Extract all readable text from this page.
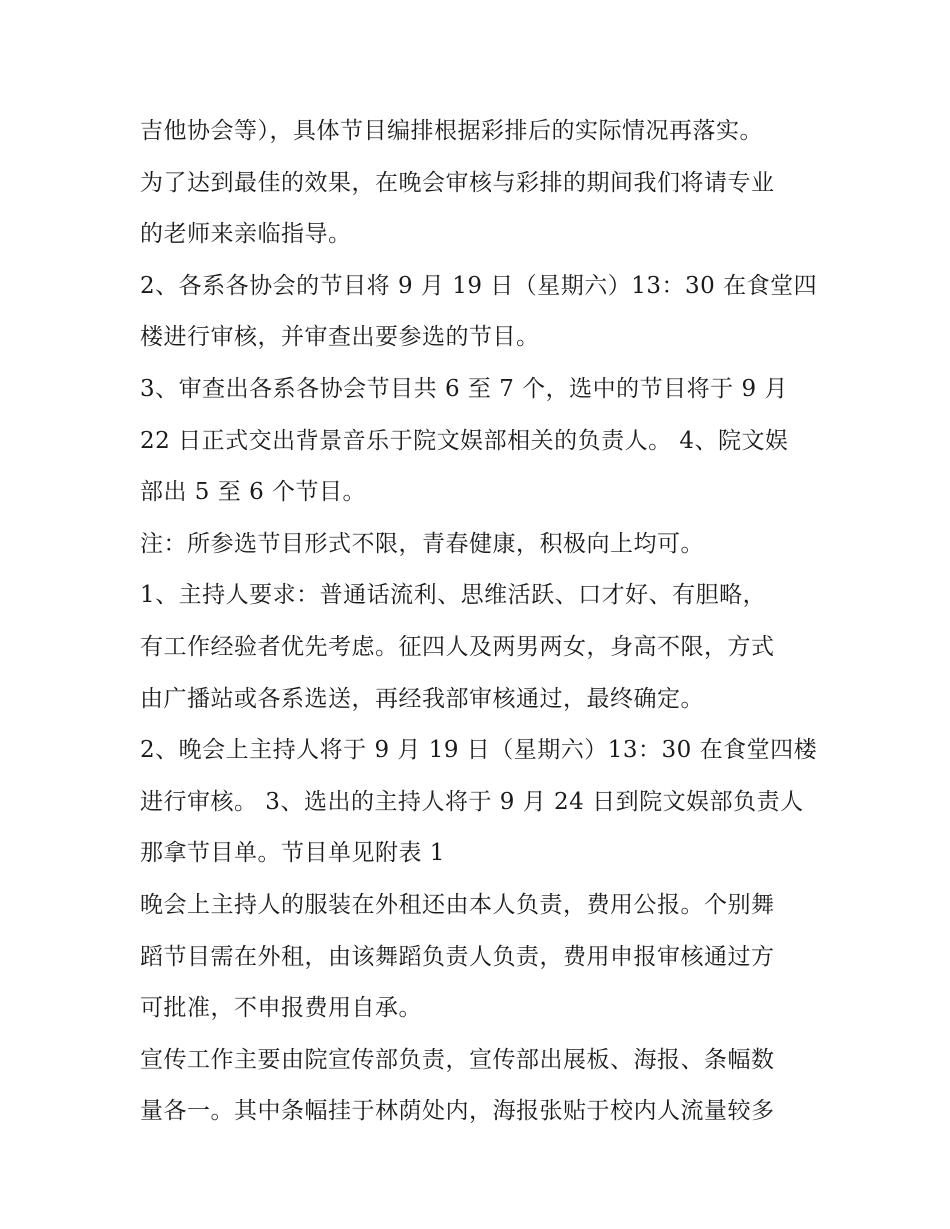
吉他协会等），具体节目编排根据彩排后的实际情况再落实。
为了达到最佳的效果，在晚会审核与彩排的期间我们将请专业
的老师来亲临指导。
2、各系各协会的节目将 9 月 19 日（星期六）13：30 在食堂四
楼进行审核，并审查出要参选的节目。
3、审查出各系各协会节目共 6 至 7 个，选中的节目将于 9 月
22 日正式交出背景音乐于院文娱部相关的负责人。 4、院文娱
部出 5 至 6 个节目。
注：所参选节目形式不限，青春健康，积极向上均可。
1、主持人要求：普通话流利、思维活跃、口才好、有胆略，
有工作经验者优先考虑。征四人及两男两女，身高不限，方式
由广播站或各系选送，再经我部审核通过，最终确定。
2、晚会上主持人将于 9 月 19 日（星期六）13：30 在食堂四楼
进行审核。 3、选出的主持人将于 9 月 24 日到院文娱部负责人
那拿节目单。节目单见附表 1
晚会上主持人的服装在外租还由本人负责，费用公报。个别舞
蹈节目需在外租，由该舞蹈负责人负责，费用申报审核通过方
可批准，不申报费用自承。
宣传工作主要由院宣传部负责，宣传部出展板、海报、条幅数
量各一。其中条幅挂于林荫处内，海报张贴于校内人流量较多
